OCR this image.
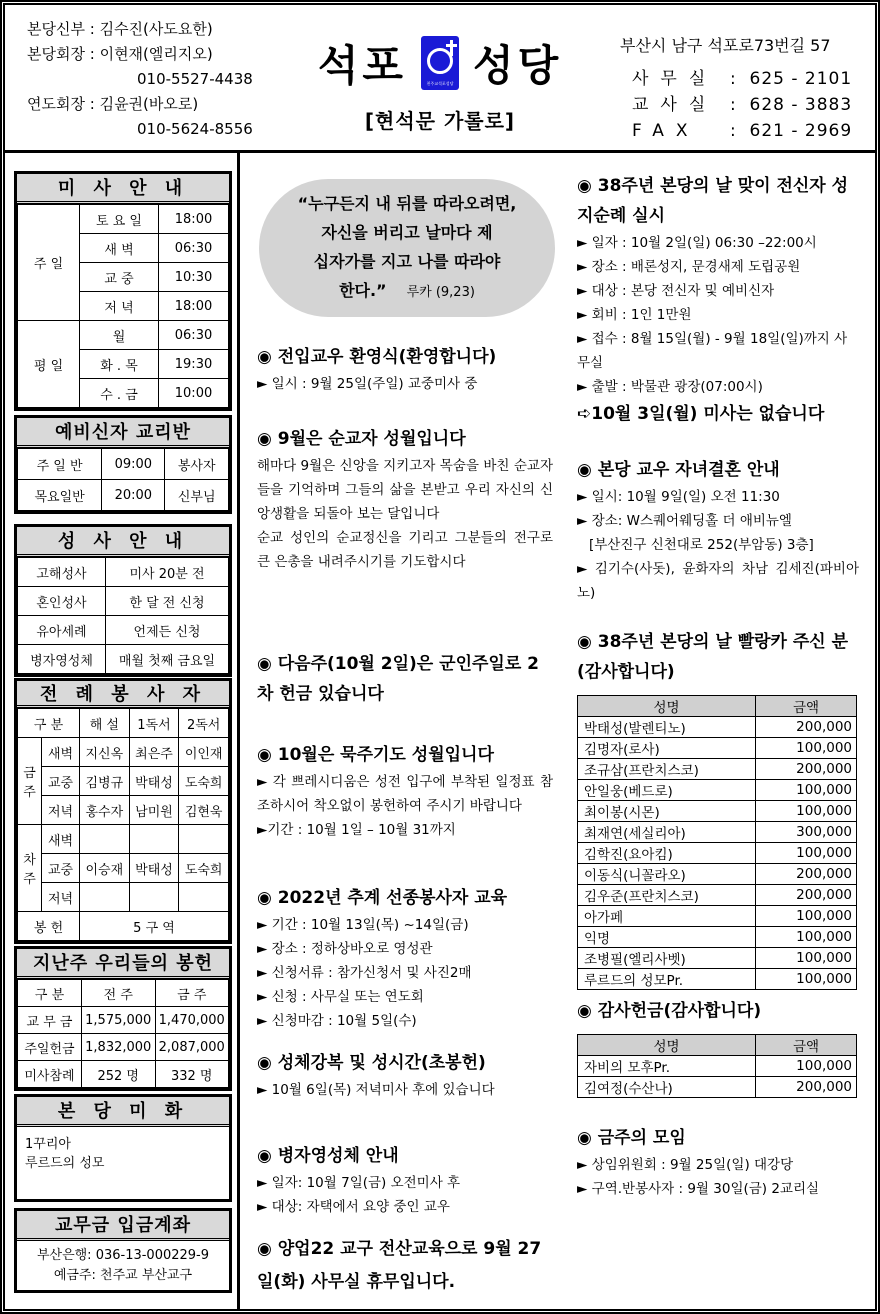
본당신부 : 김수진(사도요한)
본당회장 : 이현재(엘리지오)
010-5527-4438
연도회장 : 김윤권(바오로)
010-5624-8556
석포	천주교석포성당 성당
[현석문 가롤로]
부산시 남구 석포로73번길 57
사무실 :  625 - 2101
교사실 :  628 - 3883
FAX	:  621 - 2969
미 사 안 내
주 일	토 요 일	18:00
	새 벽	06:30
	교 중	10:30
	저 녁	18:00
평 일	월	06:30
	화 . 목	19:30
	수 . 금	10:00
예비신자 교리반
주 일 반	09:00	봉사자
목요일반	20:00	신부님
성 사 안 내
고해성사	미사 20분 전
혼인성사	한 달 전 신청
유아세례	언제든 신청
병자영성체	매월 첫째 금요일
전 례 봉 사 자
구 분		해 설	1독서	2독서
금주	새벽	지신옥	최은주	이인재
	교중	김병규	박태성	도숙희
	저녁	홍수자	남미원	김현욱
차주	새벽			
	교중	이승재	박태성	도숙희
	저녁			
봉 헌		5 구 역		
지난주 우리들의 봉헌
구 분	전 주	금 주
교 무 금	1,575,000	1,470,000
주일헌금	1,832,000	2,087,000
미사참례	252 명	332 명
본 당 미 화
1꾸리아
루르드의 성모
교무금 입금계좌
부산은행: 036-13-000229-9
예금주: 천주교 부산교구
“누구든지 내 뒤를 따라오려면,
자신을 버리고 날마다 제
십자가를 지고 나를 따라야
한다.” 루카 (9,23)
◉ 전입교우 환영식(환영합니다)
► 일시 : 9월 25일(주일) 교중미사 중
◉ 9월은 순교자 성월입니다
해마다 9월은 신앙을 지키고자 목숨을 바친 순교자들을 기억하며 그들의 삶을 본받고 우리 자신의 신앙생활을 되돌아 보는 달입니다
순교 성인의 순교정신을 기리고 그분들의 전구로 큰 은총을 내려주시기를 기도합시다
◉ 다음주(10월 2일)은 군인주일로 2차 헌금 있습니다
◉ 10월은 묵주기도 성월입니다
► 각 쁘레시디움은 성전 입구에 부착된 일정표 참조하시어 착오없이 봉헌하여 주시기 바랍니다
►기간 : 10월 1일 – 10월 31까지
◉ 2022년 추계 선종봉사자 교육
► 기간 : 10월 13일(목) ~14일(금)
► 장소 : 정하상바오로 영성관
► 신청서류 : 참가신청서 및 사진2매
► 신청 : 사무실 또는 연도회
► 신청마감 : 10월 5일(수)
◉ 성체강복 및 성시간(초봉헌)
► 10월 6일(목) 저녁미사 후에 있습니다
◉ 병자영성체 안내
► 일자: 10월 7일(금) 오전미사 후
► 대상: 자택에서 요양 중인 교우
◉ 양업22 교구 전산교육으로 9월 27일(화) 사무실 휴무입니다.
◉ 38주년 본당의 날 맞이 전신자 성지순례 실시
► 일자 : 10월 2일(일) 06:30 –22:00시
► 장소 : 배론성지, 문경새제 도립공원
► 대상 : 본당 전신자 및 예비신자
► 회비 : 1인 1만원
► 접수 : 8월 15일(월) - 9월 18일(일)까지 사무실
► 출발 : 박물관 광장(07:00시)
➪10월 3일(월) 미사는 없습니다
◉ 본당 교우 자녀결혼 안내
► 일시: 10월 9일(일) 오전 11:30
► 장소: W스퀘어웨딩홀 더 애비뉴엘
[부산진구 신천대로 252(부암동) 3층]
► 김기수(사돗), 윤화자의 차남 김세진(파비아노)
◉ 38주년 본당의 날 빨랑카 주신 분(감사합니다)
성명	금액
박태성(발렌티노)	200,000
김명자(로사)	100,000
조규삼(프란치스코)	200,000
안일웅(베드로)	100,000
최이봉(시몬)	100,000
최재연(세실리아)	300,000
김학진(요아킴)	100,000
이동식(니꼴라오)	200,000
김우준(프란치스코)	200,000
아가페	100,000
익명	100,000
조병필(엘리사벳)	100,000
루르드의 성모Pr.	100,000
◉ 감사헌금(감사합니다)
성명	금액
자비의 모후Pr.	100,000
김여정(수산나)	200,000
◉ 금주의 모임
► 상임위원회 : 9월 25일(일) 대강당
► 구역.반봉사자 : 9월 30일(금) 2교리실
